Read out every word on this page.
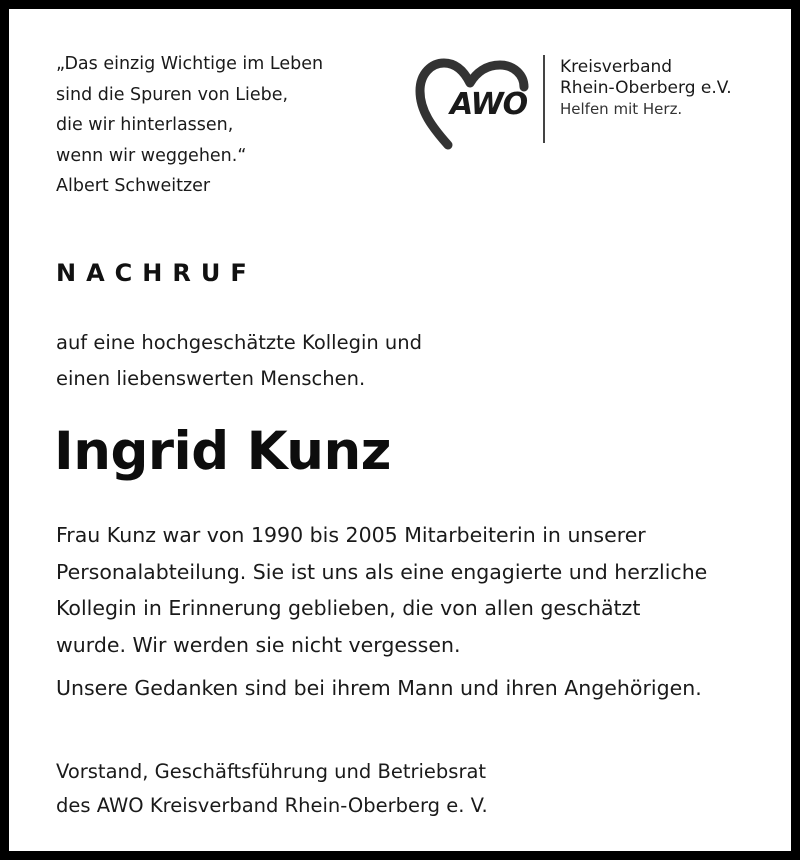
„Das einzig Wichtige im Leben
sind die Spuren von Liebe,
die wir hinterlassen,
wenn wir weggehen.“
Albert Schweitzer
AWO
Kreisverband
Rhein-Oberberg e.V.
Helfen mit Herz.
NACHRUF
auf eine hochgeschätzte Kollegin und
einen liebenswerten Menschen.
Ingrid Kunz

Frau Kunz war von 1990 bis 2005 Mitarbeiterin in unserer

Personalabteilung. Sie ist uns als eine engagierte und herzliche

Kollegin in Erinnerung geblieben, die von allen geschätzt

wurde. Wir werden sie nicht vergessen.

Unsere Gedanken sind bei ihrem Mann und ihren Angehörigen.

Vorstand, Geschäftsführung und Betriebsrat
des AWO Kreisverband Rhein-Oberberg e. V.
